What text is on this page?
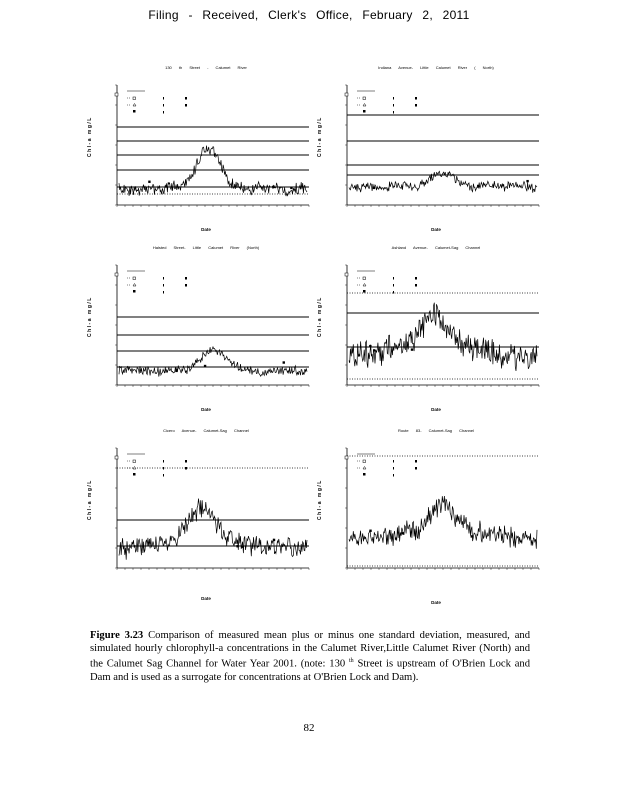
Filing - Received, Clerk's Office, February 2, 2011
130 th Street - Calumet River
Date
Chl-a mg/L
Indiana Avenue- Little Calumet River ( North)
Date
Chl-a mg/L
Halsted Street- Little Calumet River (North)
Date
Chl-a mg/L
Ashland Avenue- Calumet-Sag Channel
Date
Chl-a mg/L
Cicero Avenue- Calumet-Sag Channel
Date
Chl-a mg/L
Route 83- Calumet-Sag Channel
Date
Chl-a mg/L
Figure 3.23 Comparison of measured mean plus or minus one standard deviation, measured, and simulated hourly chlorophyll-a concentrations in the Calumet River,Little Calumet River (North) and the Calumet Sag Channel for Water Year 2001. (note: 130 $^{th}$ Street is upstream of O'Brien Lock and Dam and is used as a surrogate for concentrations at O'Brien Lock and Dam).
82
